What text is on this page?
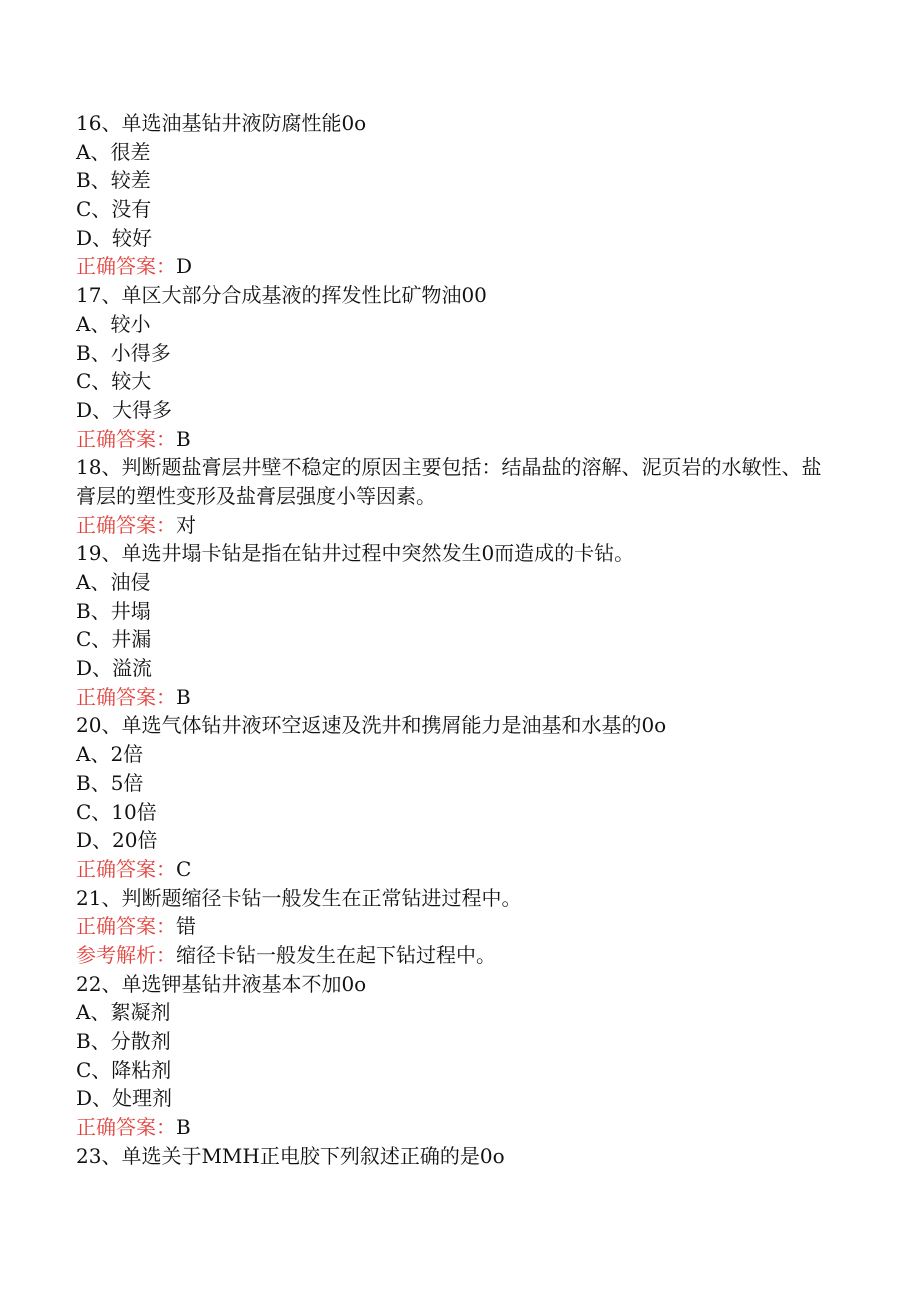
16、单选油基钻井液防腐性能0o
A、很差
B、较差
C、没有
D、较好
正确答案：D
17、单区大部分合成基液的挥发性比矿物油00
A、较小
B、小得多
C、较大
D、大得多
正确答案：B
18、判断题盐膏层井壁不稳定的原因主要包括：结晶盐的溶解、泥页岩的水敏性、盐膏层的塑性变形及盐膏层强度小等因素。
正确答案：对
19、单选井塌卡钻是指在钻井过程中突然发生0而造成的卡钻。
A、油侵
B、井塌
C、井漏
D、溢流
正确答案：B
20、单选气体钻井液环空返速及洗井和携屑能力是油基和水基的0o
A、2倍
B、5倍
C、10倍
D、20倍
正确答案：C
21、判断题缩径卡钻一般发生在正常钻进过程中。
正确答案：错
参考解析：缩径卡钻一般发生在起下钻过程中。
22、单选钾基钻井液基本不加0o
A、絮凝剂
B、分散剂
C、降粘剂
D、处理剂
正确答案：B
23、单选关于MMH正电胶下列叙述正确的是0o
